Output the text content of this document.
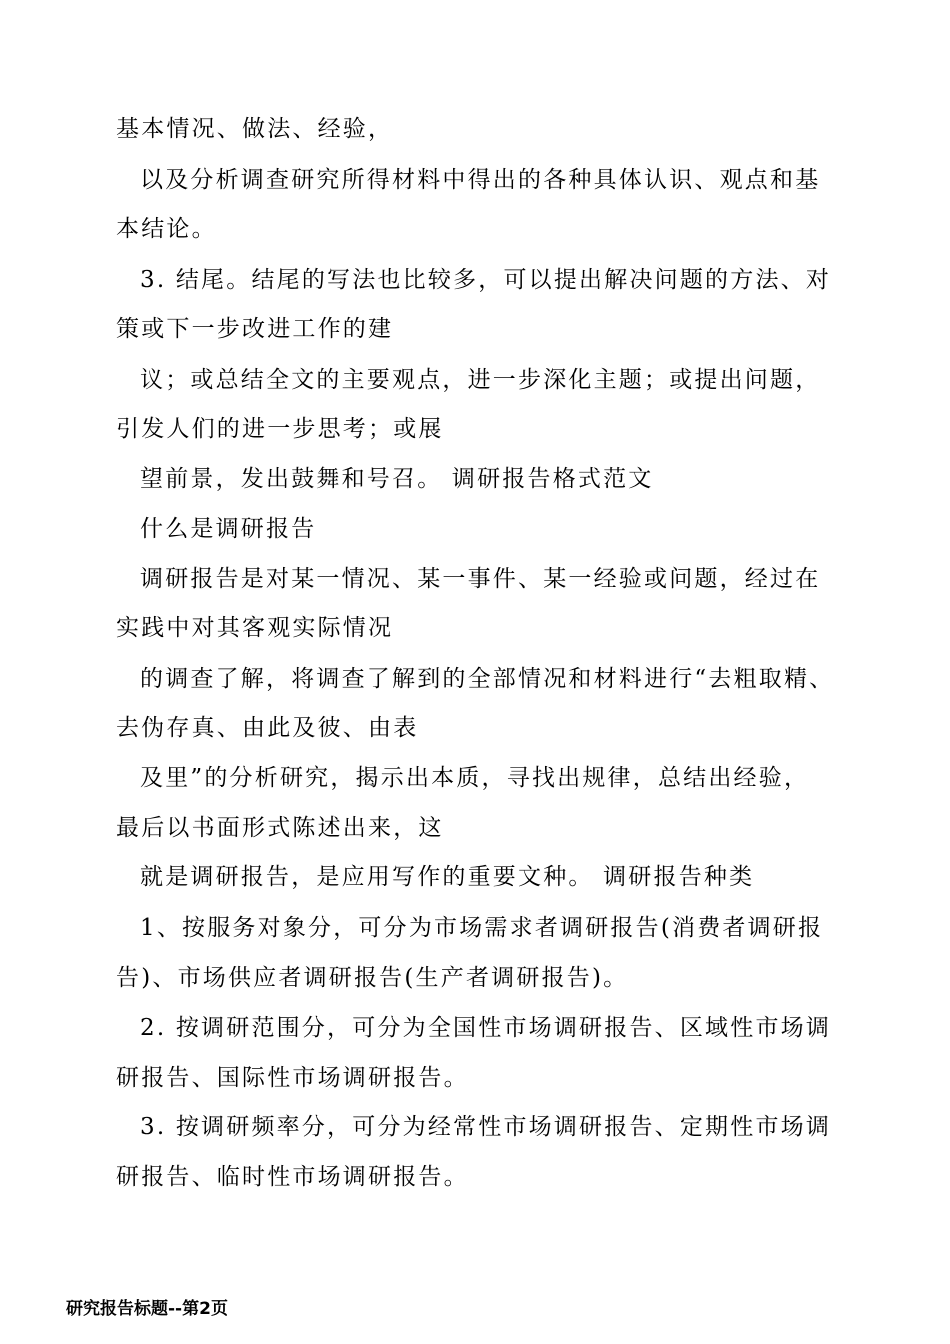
基本情况、做法、经验，
以及分析调查研究所得材料中得出的各种具体认识、观点和基
本结论。
3. 结尾。结尾的写法也比较多，可以提出解决问题的方法、对
策或下一步改进工作的建
议；或总结全文的主要观点，进一步深化主题；或提出问题，
引发人们的进一步思考；或展
望前景，发出鼓舞和号召。 调研报告格式范文
什么是调研报告
调研报告是对某一情况、某一事件、某一经验或问题，经过在
实践中对其客观实际情况
的调查了解，将调查了解到的全部情况和材料进行“去粗取精、
去伪存真、由此及彼、由表
及里”的分析研究，揭示出本质，寻找出规律，总结出经验，
最后以书面形式陈述出来，这
就是调研报告，是应用写作的重要文种。 调研报告种类
1、按服务对象分，可分为市场需求者调研报告(消费者调研报
告)、市场供应者调研报告(生产者调研报告)。
2. 按调研范围分，可分为全国性市场调研报告、区域性市场调
研报告、国际性市场调研报告。
3. 按调研频率分，可分为经常性市场调研报告、定期性市场调
研报告、临时性市场调研报告。
研究报告标题--第2页
